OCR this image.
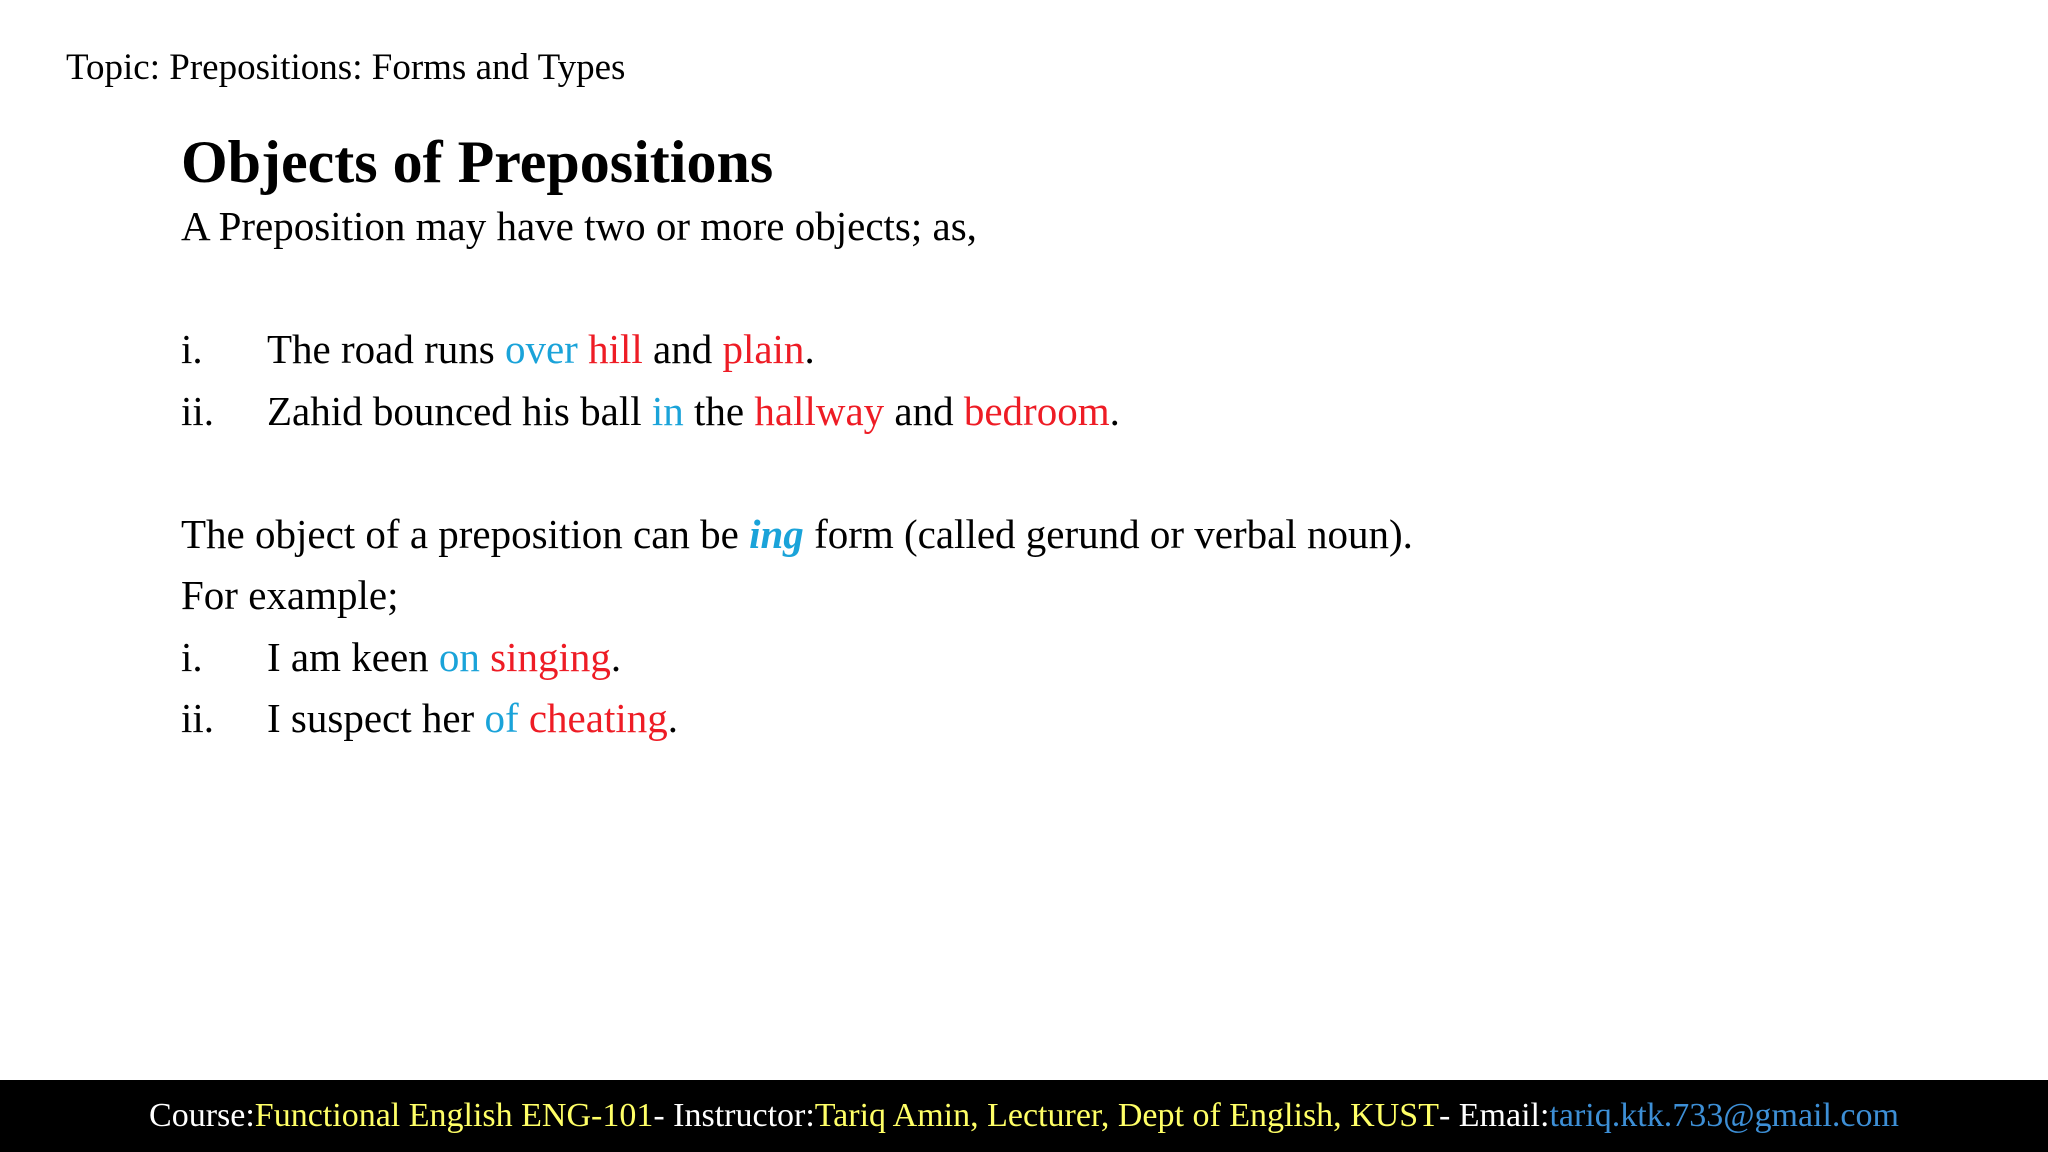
Topic: Prepositions: Forms and Types
Objects of Prepositions
A Preposition may have two or more objects; as,
i. The road runs over hill and plain.
ii. Zahid bounced his ball in the hallway and bedroom.
The object of a preposition can be ing form (called gerund or verbal noun).
For example;
i. I am keen on singing.
ii. I suspect her of cheating.
Course: Functional English ENG-101 - Instructor: Tariq Amin, Lecturer, Dept of English, KUST - Email: tariq.ktk.733@gmail.com
